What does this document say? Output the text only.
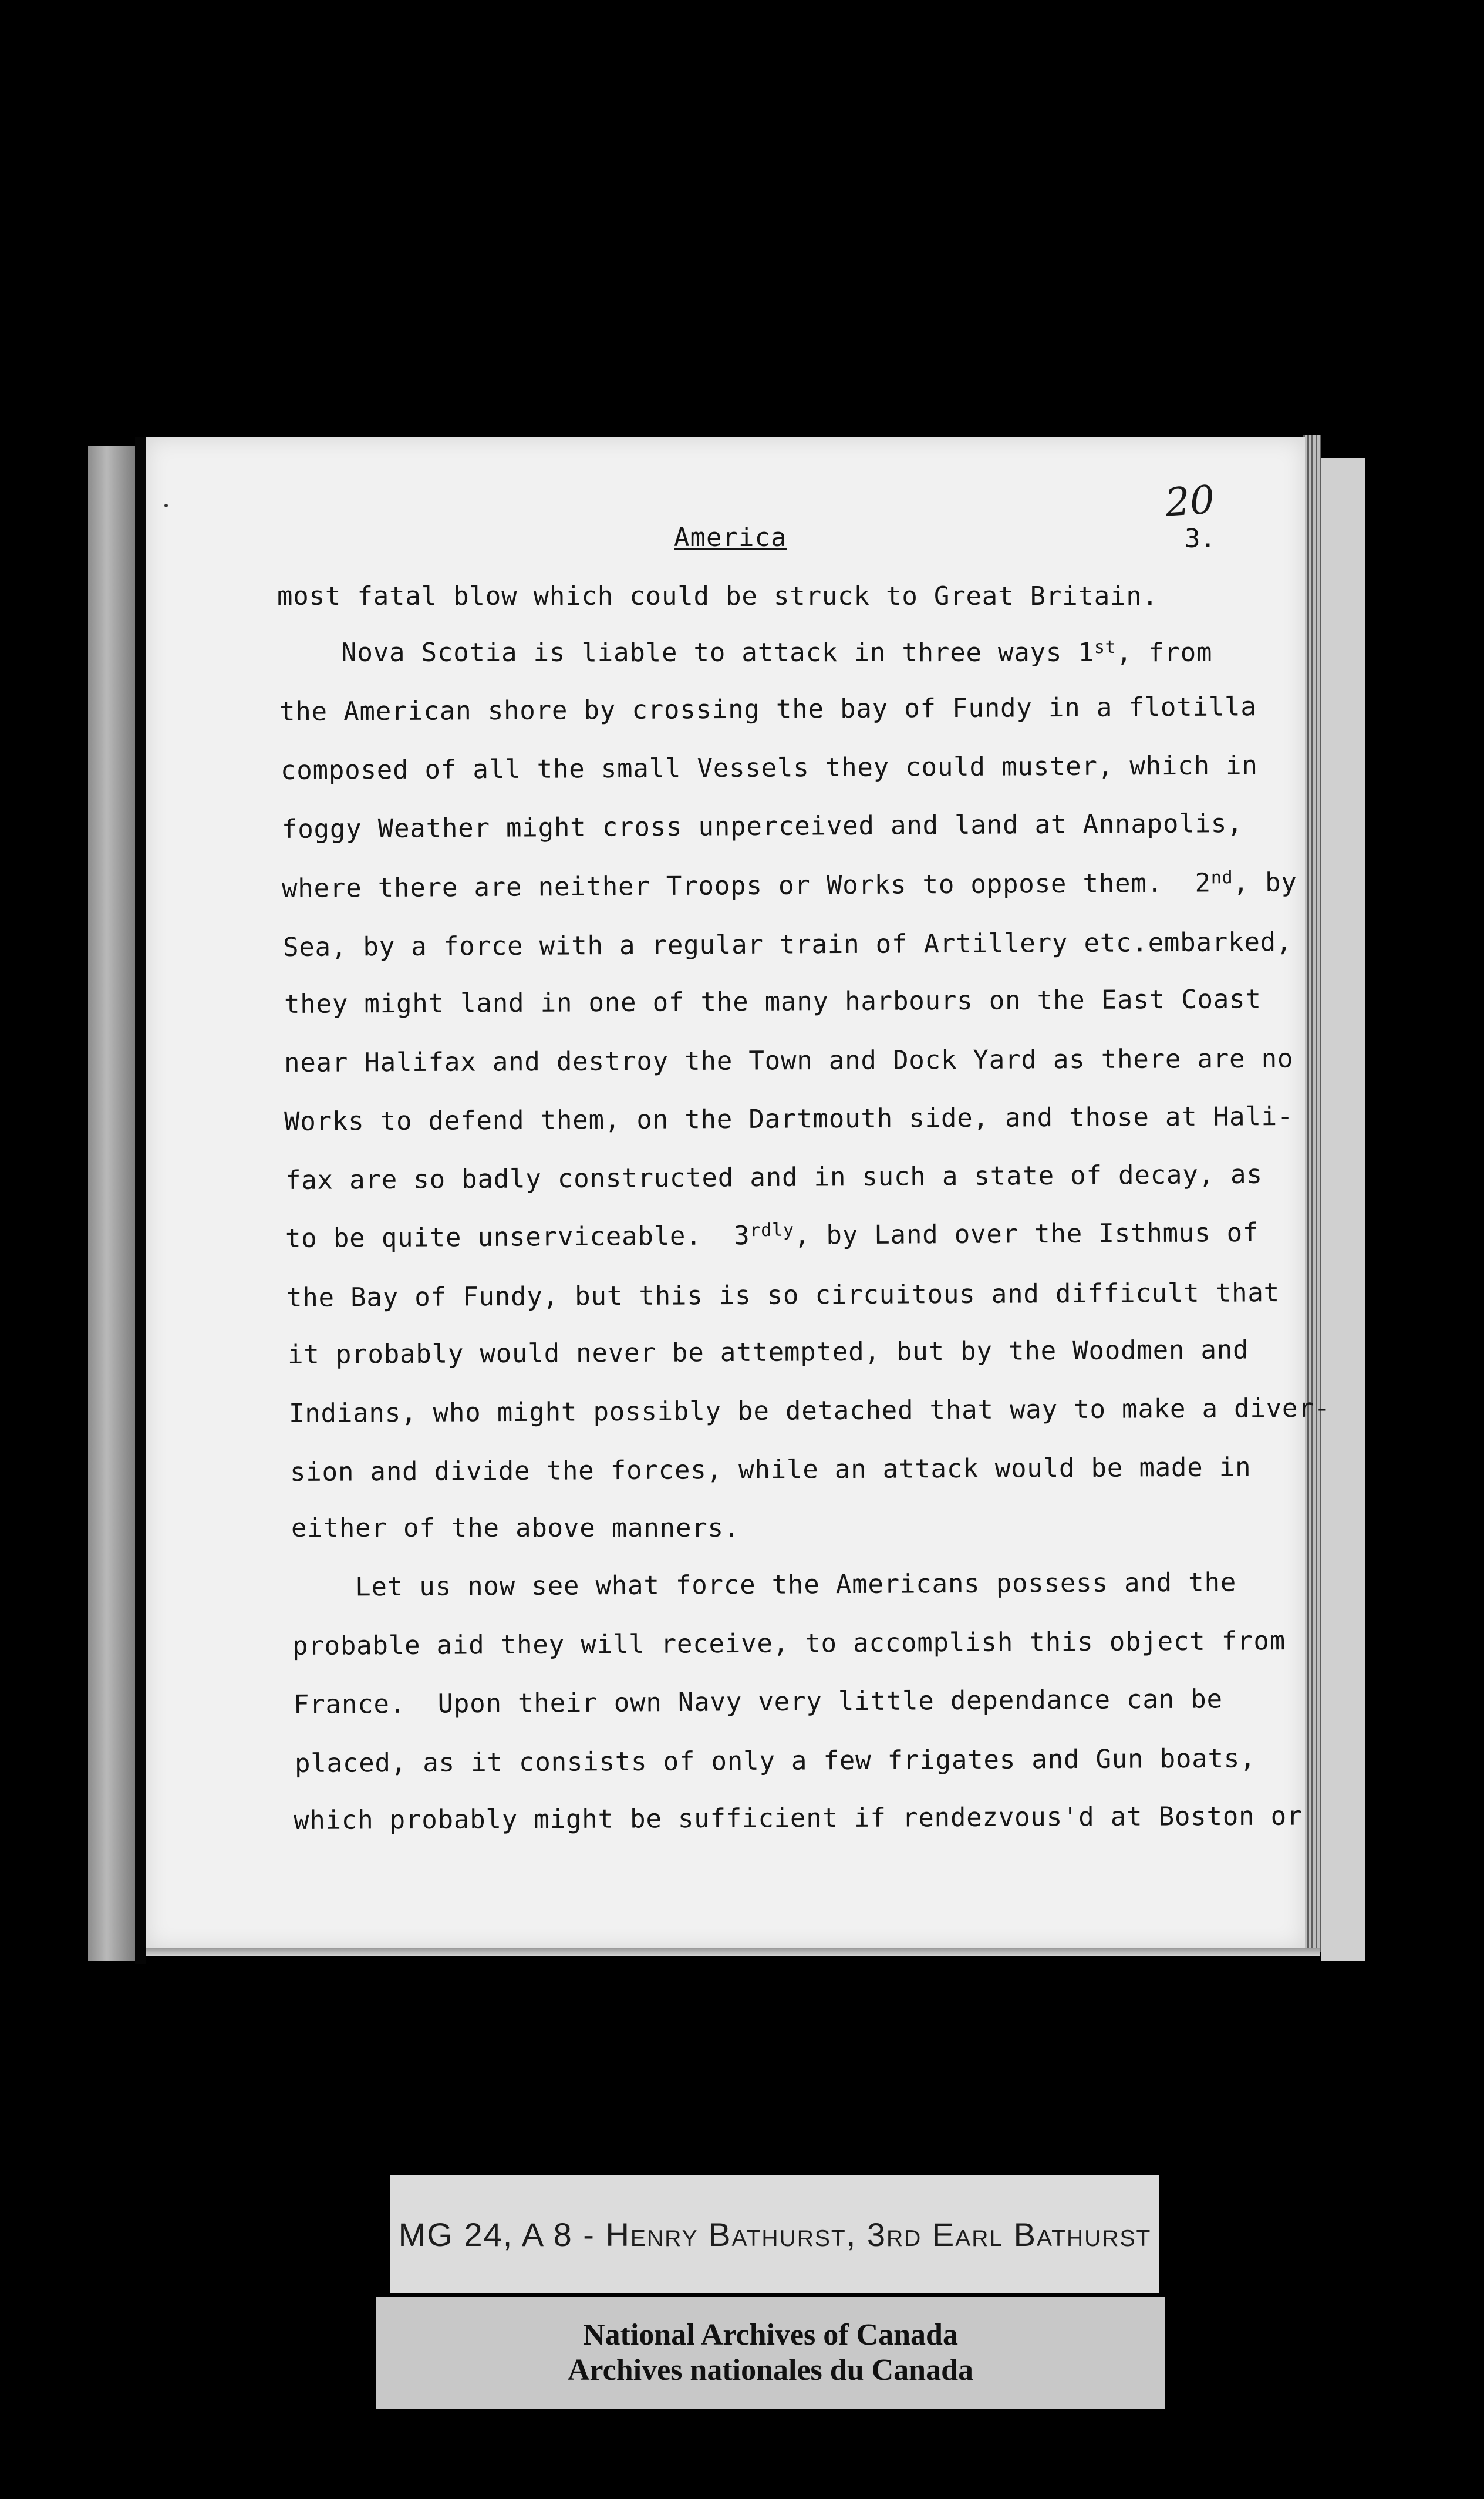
20
America	3.
most fatal blow which could be struck to Great Britain.
Nova Scotia is liable to attack in three ways 1st, from
the American shore by crossing the bay of Fundy in a flotilla
composed of all the small Vessels they could muster, which in
foggy Weather might cross unperceived and land at Annapolis,
where there are neither Troops or Works to oppose them.  2nd, by
Sea, by a force with a regular train of Artillery etc.embarked,
they might land in one of the many harbours on the East Coast
near Halifax and destroy the Town and Dock Yard as there are no
Works to defend them, on the Dartmouth side, and those at Hali-
fax are so badly constructed and in such a state of decay, as
to be quite unserviceable.  $3^{rdly}$, by Land over the Isthmus of
the Bay of Fundy, but this is so circuitous and difficult that
it probably would never be attempted, but by the Woodmen and
Indians, who might possibly be detached that way to make a diver-
sion and divide the forces, while an attack would be made in
either of the above manners.
Let us now see what force the Americans possess and the
probable aid they will receive, to accomplish this object from
France.  Upon their own Navy very little dependance can be
placed, as it consists of only a few frigates and Gun boats,
which probably might be sufficient if rendezvous'd at Boston or
MG 24, A 8 - Henry Bathurst, 3rd Earl Bathurst
National Archives of Canada
Archives nationales du Canada
